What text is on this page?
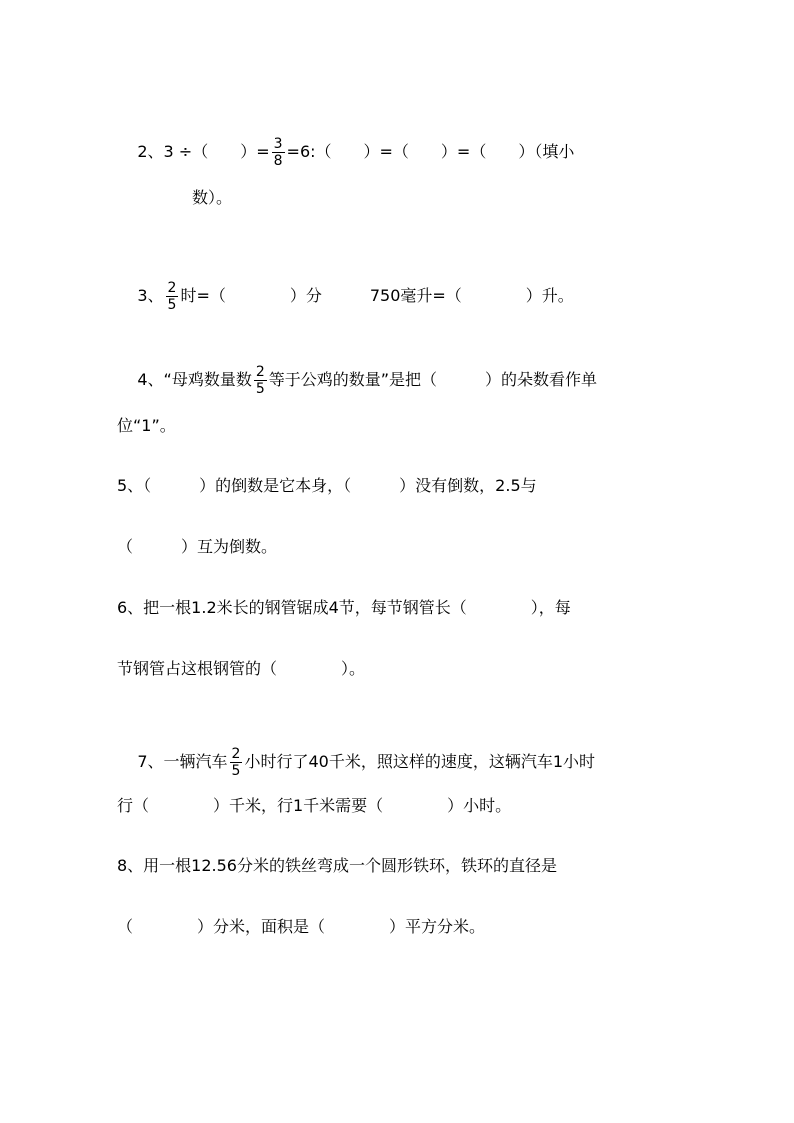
2、3 ÷（　　）= $\frac{3}{8}$ =6:（　　）=（　　）=（　　）（填小

数）。

3、 $\frac{2}{5}$ 时=（　　　　）分　　　750毫升=（　　　　）升。

4、“母鸡数量数 $\frac{2}{5}$ 等于公鸡的数量”是把（　　　）的朵数看作单

位“1”。
5、（　　　）的倒数是它本身，（　　　）没有倒数，2.5与
（　　　）互为倒数。
6、把一根1.2米长的钢管锯成4节，每节钢管长（　　　　），每
节钢管占这根钢管的（　　　　）。

7、一辆汽车 $\frac{2}{5}$ 小时行了40千米，照这样的速度，这辆汽车1小时

行（　　　　）千米，行1千米需要（　　　　）小时。
8、用一根12.56分米的铁丝弯成一个圆形铁环，铁环的直径是
（　　　　）分米，面积是（　　　　）平方分米。
